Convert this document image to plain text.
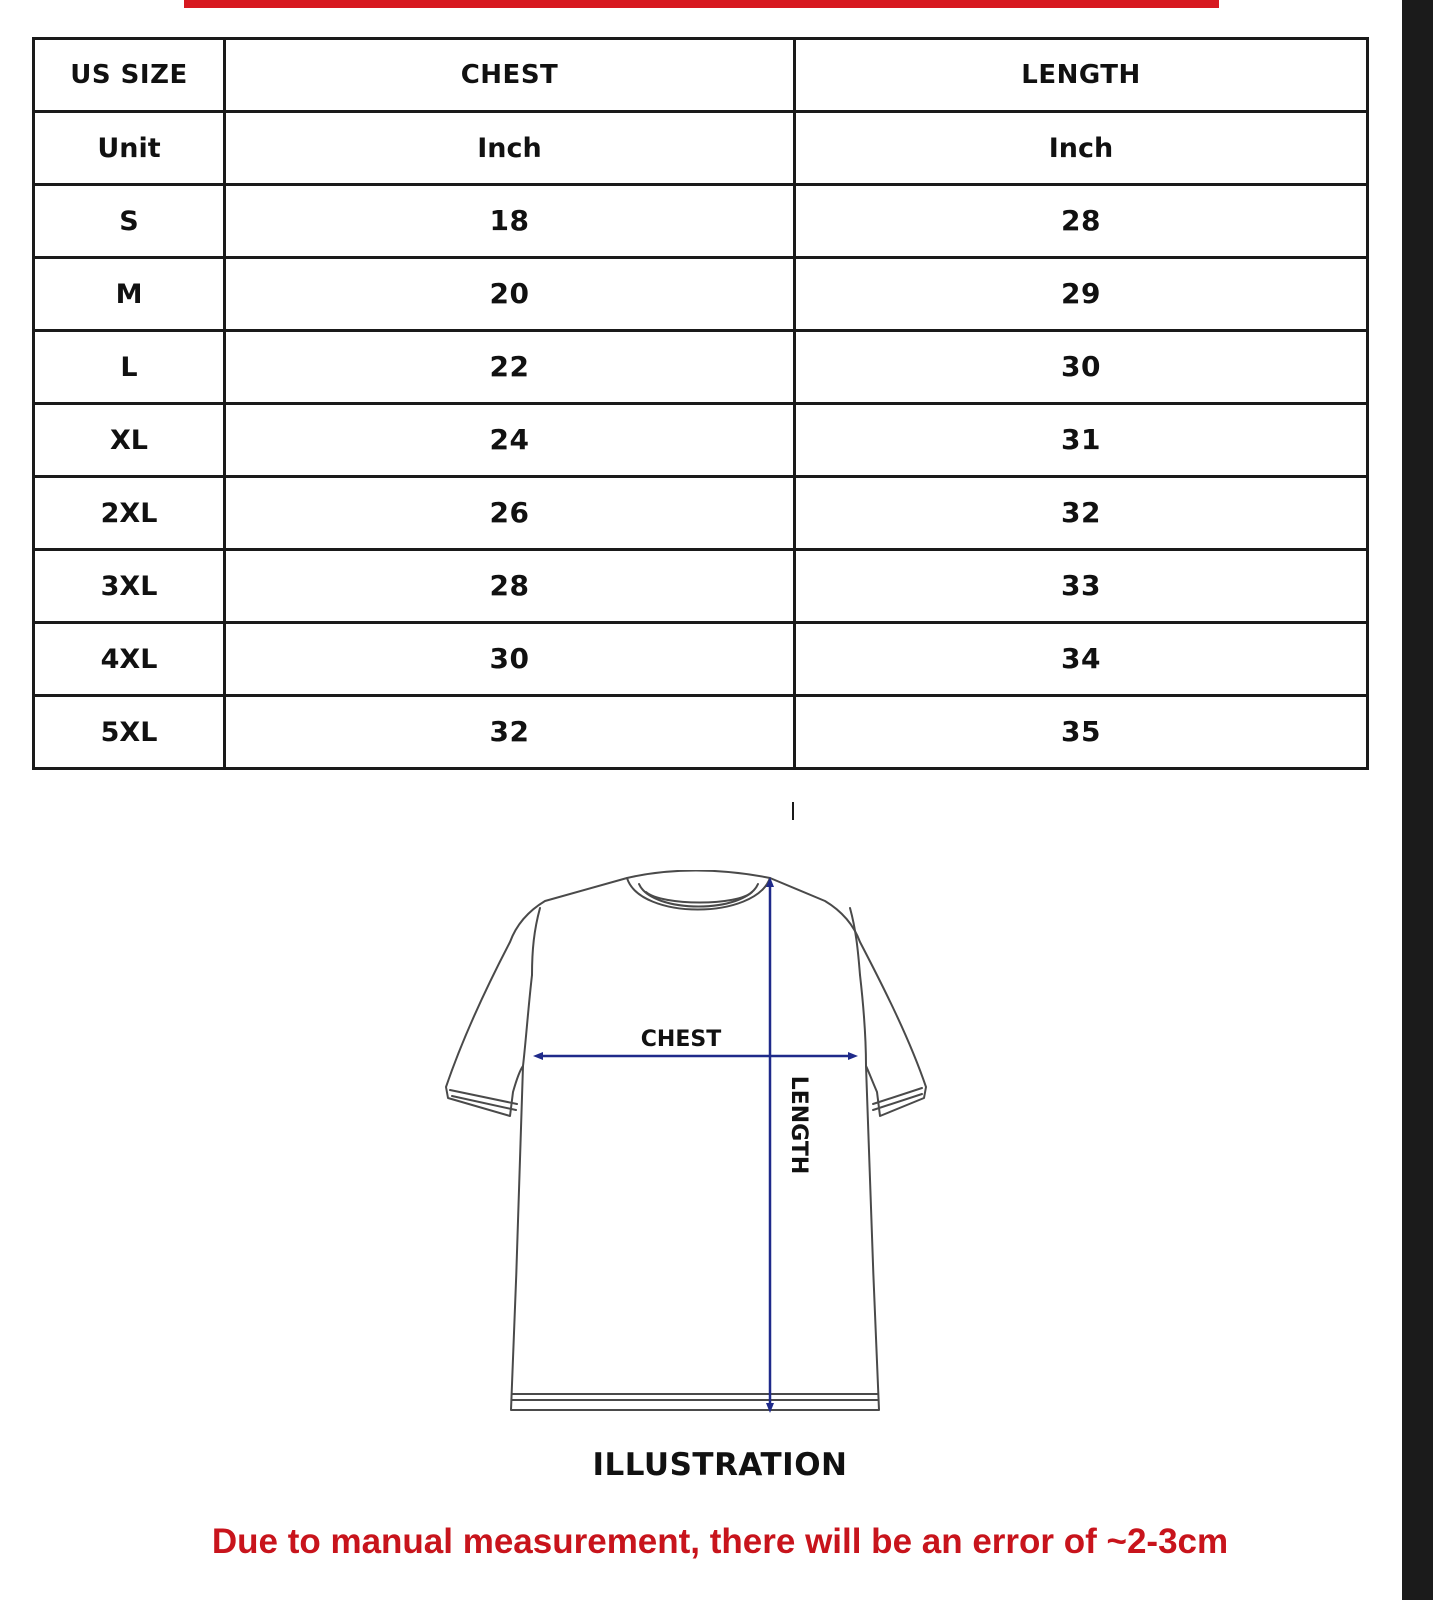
US SIZE	CHEST	LENGTH
Unit	Inch	Inch
S	18	28
M	20	29
L	22	30
XL	24	31
2XL	26	32
3XL	28	33
4XL	30	34
5XL	32	35
CHEST
LENGTH
ILLUSTRATION
Due to manual measurement, there will be an error of ~2-3cm
